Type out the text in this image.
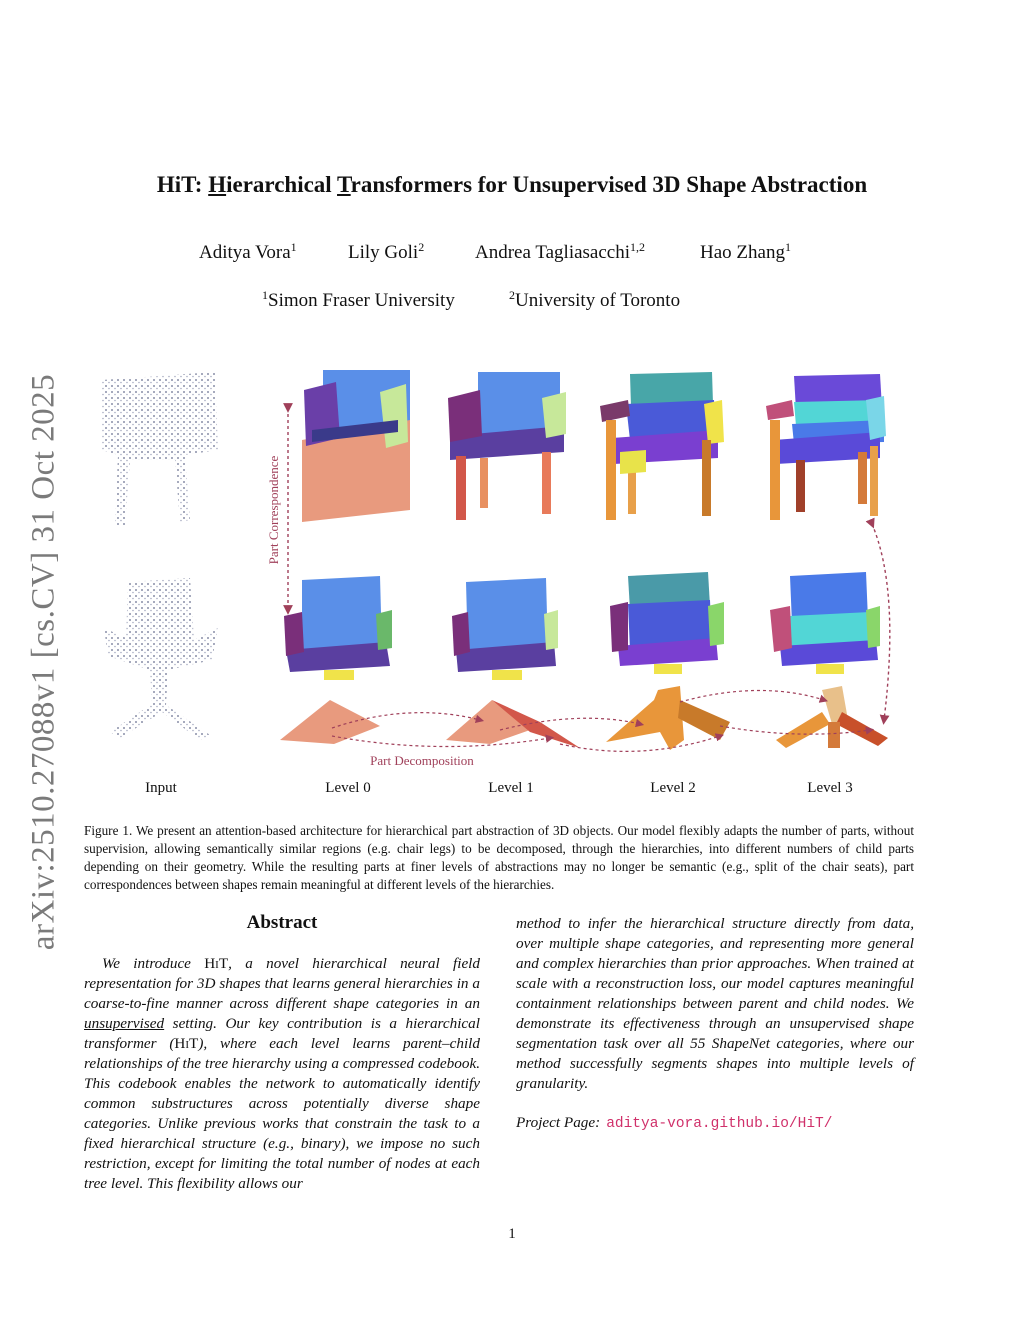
arXiv:2510.27088v1 [cs.CV] 31 Oct 2025
HiT: Hierarchical Transformers for Unsupervised 3D Shape Abstraction
Aditya Vora$^1$	Lily Goli$^2$	Andrea Tagliasacchi$^{1,2}$	Hao Zhang$^1$
$^1$Simon Fraser University	$^2$University of Toronto
Part Correspondence
Part Decomposition
Input	Level 0	Level 1	Level 2	Level 3

Figure 1. We present an attention-based architecture for hierarchical part abstraction of 3D objects. Our model flexibly adapts the number of parts, without supervision, allowing semantically similar regions (e.g. chair legs) to be decomposed, through the hierarchies, into different numbers of child parts depending on their geometry. While the resulting parts at finer levels of abstractions may no longer be semantic (e.g., split of the chair seats), part correspondences between shapes remain meaningful at different levels of the hierarchies.

Abstract

We introduce HiT, a novel hierarchical neural field representation for 3D shapes that learns general hierarchies in a coarse-to-fine manner across different shape categories in an unsupervised setting. Our key contribution is a hierarchical transformer (HiT), where each level learns parent–child relationships of the tree hierarchy using a compressed codebook. This codebook enables the network to automatically identify common substructures across potentially diverse shape categories. Unlike previous works that constrain the task to a fixed hierarchical structure (e.g., binary), we impose no such restriction, except for limiting the total number of nodes at each tree level. This flexibility allows our

method to infer the hierarchical structure directly from data, over multiple shape categories, and representing more general and complex hierarchies than prior approaches. When trained at scale with a reconstruction loss, our model captures meaningful containment relationships between parent and child nodes. We demonstrate its effectiveness through an unsupervised shape segmentation task over all 55 ShapeNet categories, where our method successfully segments shapes into multiple levels of granularity.

Project Page: aditya-vora.github.io/HiT/
1
